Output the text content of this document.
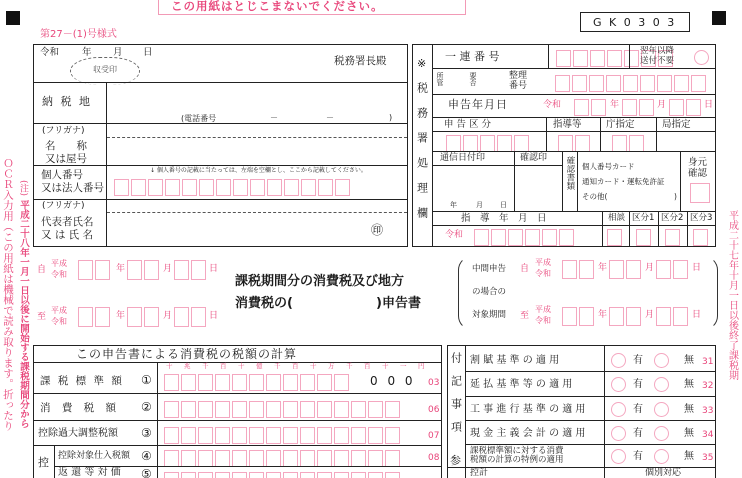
この用紙はとじこまないでください。
G K 0 3 0 3
第27－(1)号様式
令和 年 月 日
収受印
税務署長殿
納 税 地
(電話番号	－	－	)
(フリガナ)
名　　称
又は屋号
↓ 個人番号の記載に当たっては、左端を空欄とし、ここから記載してください。
個人番号
又は法人番号
(フリガナ)
代表者氏名
又 は 氏 名	㊞
※
税務署処理欄
一 連 番 号	翌年以降
送付不要
所管	要否	整理
番号
申告年月日	令和	年	月	日
申 告 区 分	指導等	庁指定	局指定
通信日付印	確認印 確認書類 個人番号カード
通知カード・運転免許証
その他(	)
身元
確認
年	月 日
指　導　年　月　日	相談 区分1 区分2 区分3
令和
ＯＣＲ入力用（この用紙は機械で読み取ります。折ったり (注)
平成二十八年一月一日以後に開始する課税期間分から	平成二十七年十月一日以後終了課税期
自
平成
令和
年	月	日
至
平成
令和
年	月	日
課税期間分の消費税及び地方
消費税の(	)申告書
中間申告
の場合の
対象期間
自
平成
令和
年	月	日
至
平成
令和
年	月	日
この申告書による消費税の税額の計算
十 兆 千 百 十 億 千 百 十 万 千 百 十 一 円
課 税 標 準 額 ①	0 0 0 03
消 費 税 額 ②	06
控除過大調整税額 ③	07
控 控除対象仕入税額 ④	08
返 還 等 対 価 ⑤
付記事項
参
割 賦 基 準 の 適 用	有	無 31
延 払 基 準 等 の 適 用	有	無 32
工 事 進 行 基 準 の 適 用	有	無 33
現 金 主 義 会 計 の 適 用	有	無 34
課税標準額に対する消費
税額の計算の特例の適用	有	無 35
控計	個別対応
